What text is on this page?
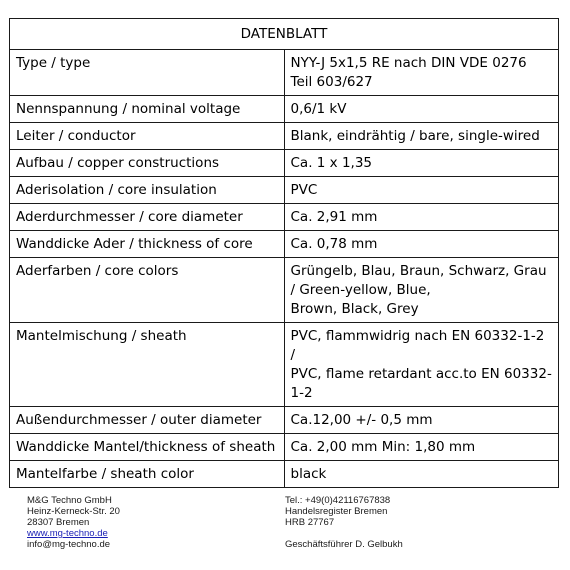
DATENBLATT	
Type / type	NYY-J 5x1,5 RE nach DIN VDE 0276 Teil 603/627
Nennspannung / nominal voltage	0,6/1 kV
Leiter / conductor	Blank, eindrähtig / bare, single-wired
Aufbau / copper constructions	Ca. 1 x 1,35
Aderisolation / core insulation	PVC
Aderdurchmesser / core diameter	Ca. 2,91 mm
Wanddicke Ader / thickness of core	Ca. 0,78 mm
Aderfarben / core colors	Grüngelb, Blau, Braun, Schwarz, Grau / Green-yellow, Blue,
Brown, Black, Grey

Mantelmischung / sheath	PVC, flammwidrig nach EN 60332-1-2 /
PVC, flame retardant acc.to EN 60332-1-2

Außendurchmesser / outer diameter	Ca.12,00 +/- 0,5 mm
Wanddicke Mantel/thickness of sheath	Ca. 2,00 mm Min: 1,80 mm
Mantelfarbe / sheath color	black
M&G Techno GmbH
Heinz-Kerneck-Str. 20
28307 Bremen
www.mg-techno.de
info@mg-techno.de
Tel.: +49(0)42116767838
Handelsregister Bremen
HRB 27767
Geschäftsführer D. Gelbukh
